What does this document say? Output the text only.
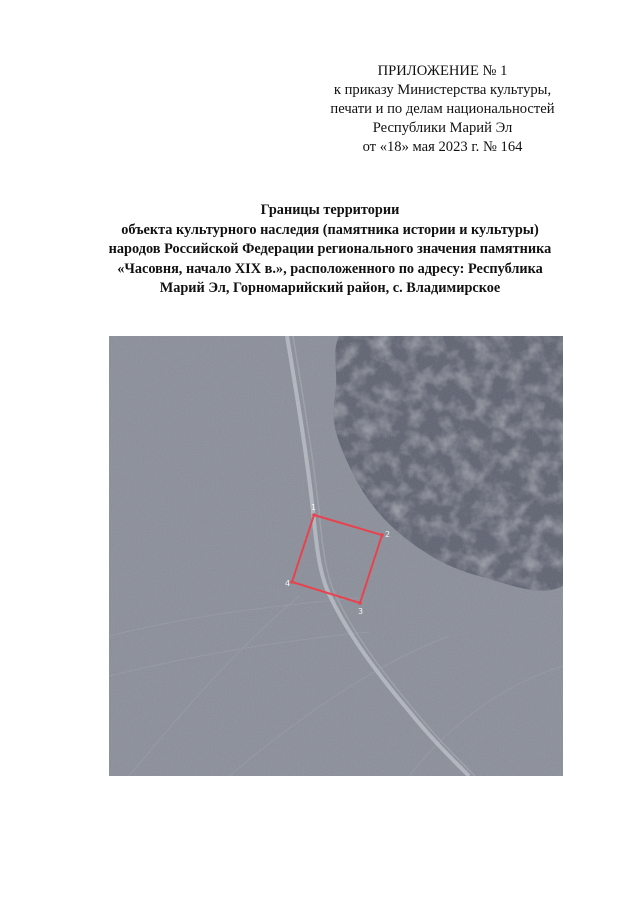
ПРИЛОЖЕНИЕ № 1
к приказу Министерства культуры,
печати и по делам национальностей
Республики Марий Эл
от «18» мая 2023 г. № 164
Границы территории
объекта культурного наследия (памятника истории и культуры)
народов Российской Федерации регионального значения памятника
«Часовня, начало XIX в.», расположенного по адресу: Республика
Марий Эл, Горномарийский район, с. Владимирское
1
2
3
4
